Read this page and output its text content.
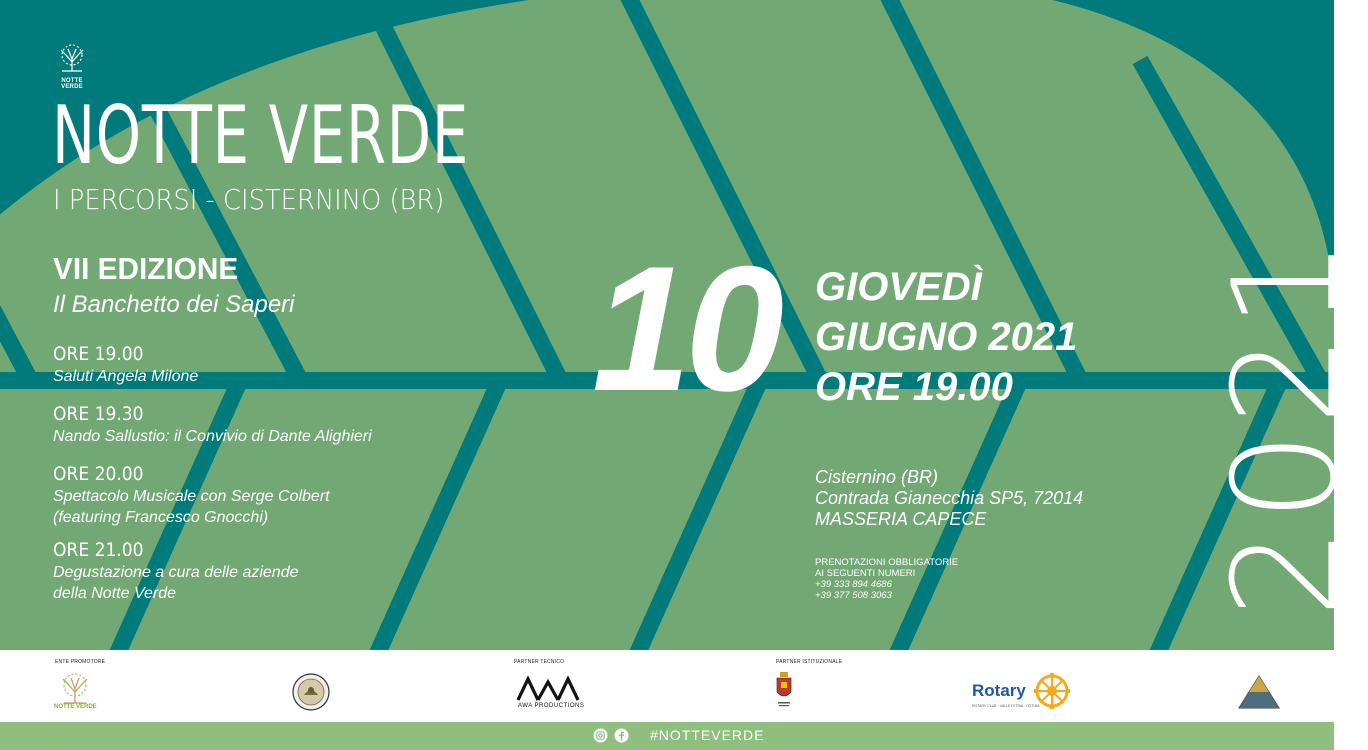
NOTTE VERDE
NOTTE VERDE
I PERCORSI - CISTERNINO (BR)
VII EDIZIONE
Il Banchetto dei Saperi
ORE 19.00
Saluti Angela Milone
ORE 19.30
Nando Sallustio: il Convivio di Dante Alighieri
ORE 20.00
Spettacolo Musicale con Serge Colbert
(featuring Francesco Gnocchi)
ORE 21.00
Degustazione a cura delle aziende
della Notte Verde
10 GIOVEDÌ
GIUGNO 2021
ORE 19.00
Cisternino (BR)
Contrada Gianecchia SP5, 72014
MASSERIA CAPECE
PRENOTAZIONI OBBLIGATORIE
AI SEGUENTI NUMERI
+39 333 894 4686
+39 377 508 3063	2021
ENTE PROMOTORE	PARTNER TECNICO	PARTNER ISTITUZIONALE
NOTTE VERDE	AWA PRODUCTIONS
Rotary
ROTARY CLUB · VALLE D'ITRIA · OSTUNI
#NOTTEVERDE
